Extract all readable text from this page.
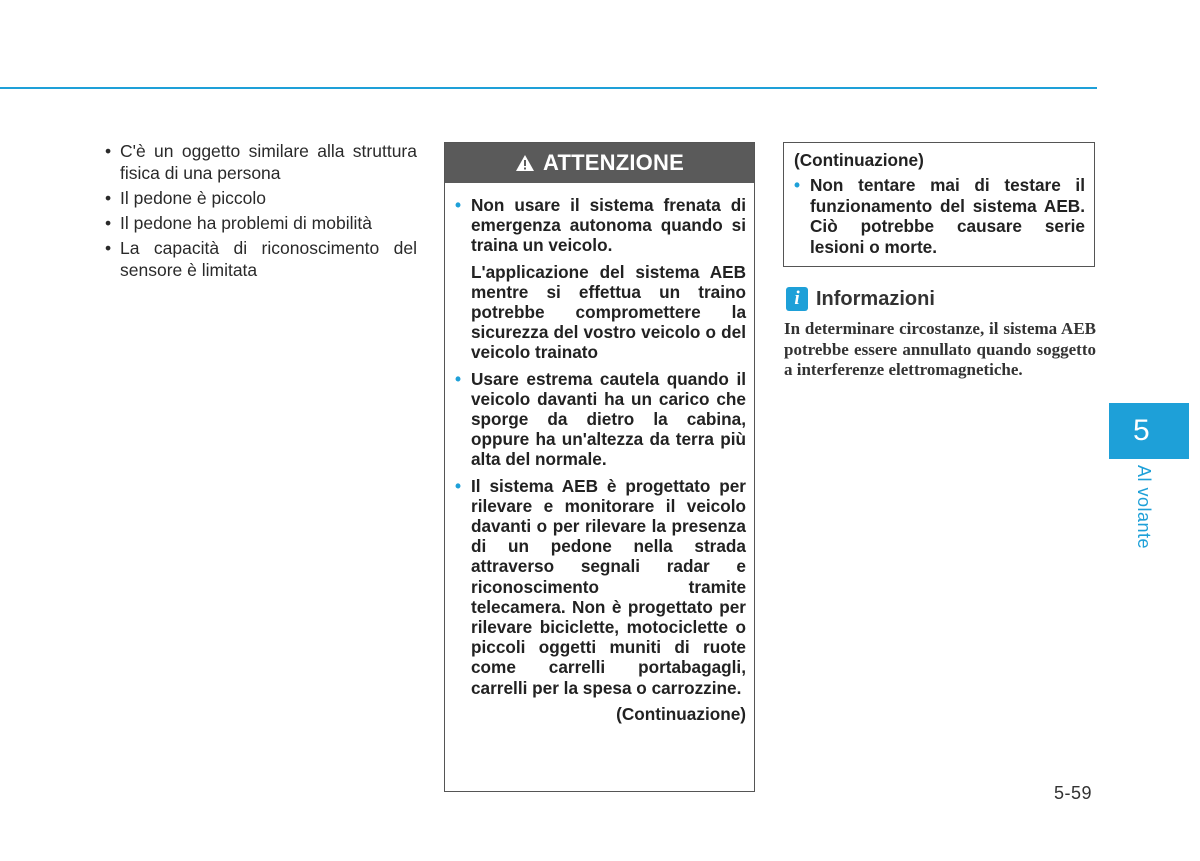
• C'è un oggetto similare alla struttura fisica di una persona
• Il pedone è piccolo
• Il pedone ha problemi di mobilità
• La capacità di riconoscimento del sensore è limitata
ATTENZIONE
• Non usare il sistema frenata di emergenza autonoma quando si traina un veicolo.
L'applicazione del sistema AEB mentre si effettua un traino potrebbe compromettere la sicurezza del vostro veicolo o del veicolo trainato
• Usare estrema cautela quando il veicolo davanti ha un carico che sporge da dietro la cabina, oppure ha un'altezza da terra più alta del normale.
• Il sistema AEB è progettato per rilevare e monitorare il veicolo davanti o per rilevare la presenza di un pedone nella strada attraverso segnali radar e riconoscimento tramite telecamera. Non è progettato per rilevare biciclette, motociclette o piccoli oggetti muniti di ruote come carrelli portabagagli, carrelli per la spesa o carrozzine.
(Continuazione)
(Continuazione)
• Non tentare mai di testare il funzionamento del sistema AEB. Ciò potrebbe causare serie lesioni o morte.
i Informazioni
In determinare circostanze, il sistema AEB potrebbe essere annullato quando soggetto a interferenze elettromagnetiche.
5
Al volante
5-59
